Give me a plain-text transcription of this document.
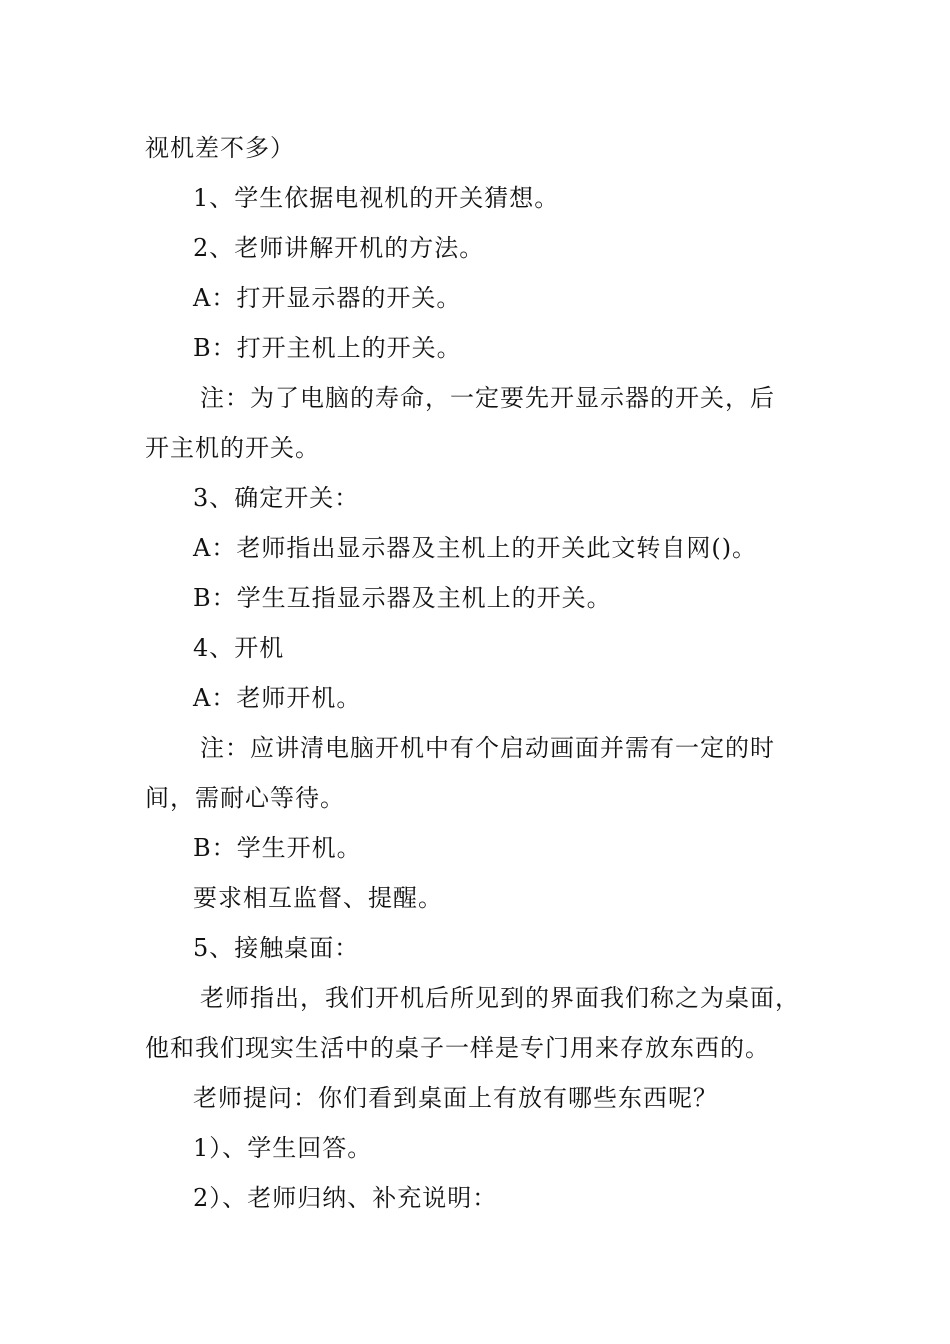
视机差不多）
1、学生依据电视机的开关猜想。
2、老师讲解开机的方法。
A：打开显示器的开关。
B：打开主机上的开关。
注：为了电脑的寿命，一定要先开显示器的开关，后
开主机的开关。
3、确定开关：
A：老师指出显示器及主机上的开关此文转自网()。
B：学生互指显示器及主机上的开关。
4、开机
A：老师开机。
注：应讲清电脑开机中有个启动画面并需有一定的时
间，需耐心等待。
B：学生开机。
要求相互监督、提醒。
5、接触桌面：
老师指出，我们开机后所见到的界面我们称之为桌面，
他和我们现实生活中的桌子一样是专门用来存放东西的。
老师提问：你们看到桌面上有放有哪些东西呢？
1）、学生回答。
2）、老师归纳、补充说明：
